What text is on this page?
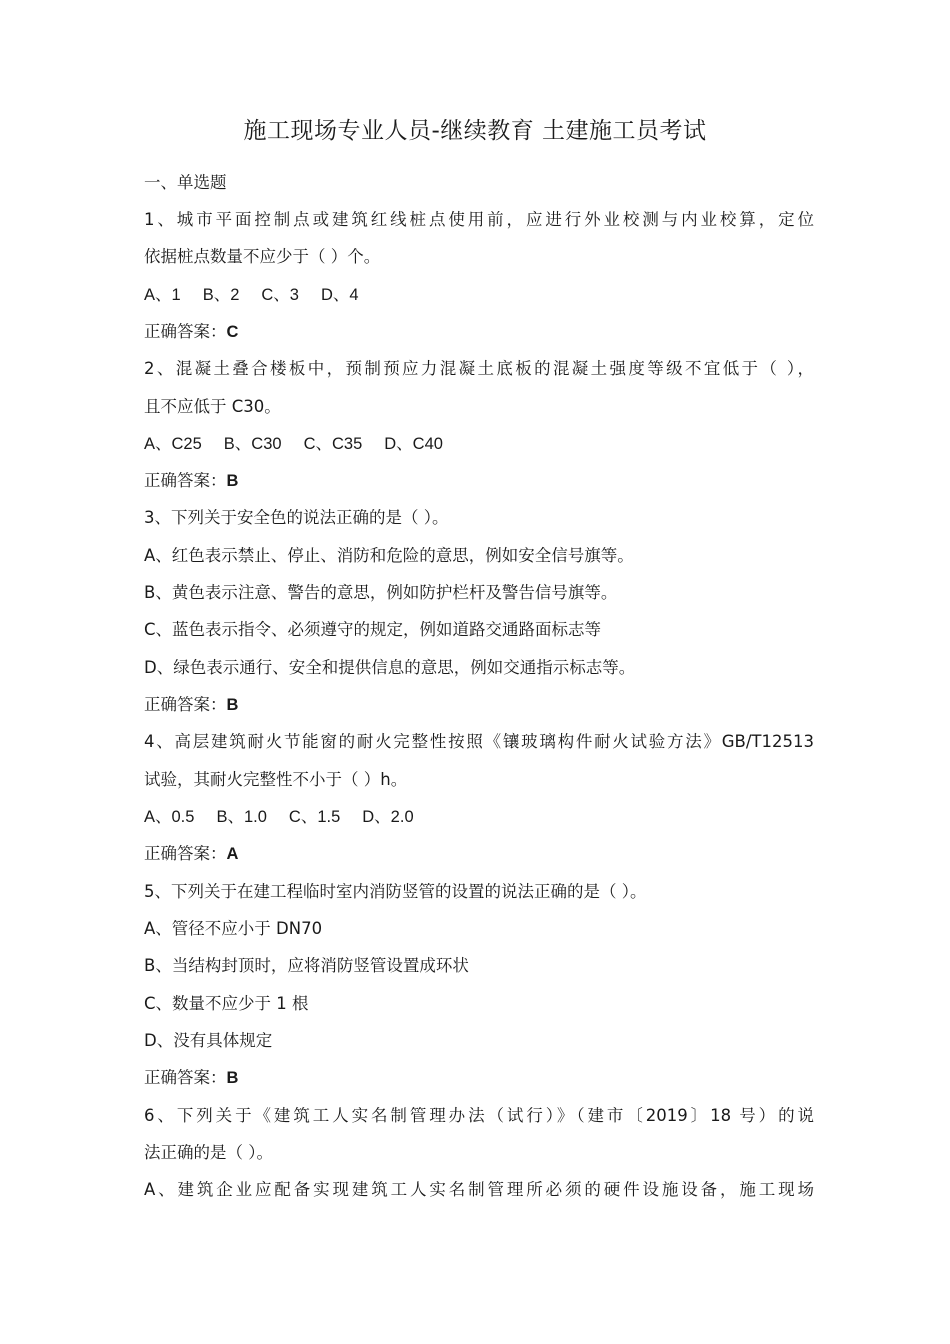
施工现场专业人员-继续教育 土建施工员考试
一、单选题
1、城市平面控制点或建筑红线桩点使用前，应进行外业校测与内业校算，定位
依据桩点数量不应少于（ ）个。
A、1 B、2 C、3 D、4
正确答案：C
2、混凝土叠合楼板中，预制预应力混凝土底板的混凝土强度等级不宜低于（ ），
且不应低于 C30。
A、C25 B、C30 C、C35 D、C40
正确答案：B
3、下列关于安全色的说法正确的是（ ）。
A、红色表示禁止、停止、消防和危险的意思，例如安全信号旗等。
B、黄色表示注意、警告的意思，例如防护栏杆及警告信号旗等。
C、蓝色表示指令、必须遵守的规定，例如道路交通路面标志等
D、绿色表示通行、安全和提供信息的意思，例如交通指示标志等。
正确答案：B
4、高层建筑耐火节能窗的耐火完整性按照《镶玻璃构件耐火试验方法》GB/T12513
试验，其耐火完整性不小于（ ）h。
A、0.5 B、1.0 C、1.5 D、2.0
正确答案：A
5、下列关于在建工程临时室内消防竖管的设置的说法正确的是（ ）。
A、管径不应小于 DN70
B、当结构封顶时，应将消防竖管设置成环状
C、数量不应少于 1 根
D、没有具体规定
正确答案：B
6、下列关于《建筑工人实名制管理办法（试行）》（建市〔2019〕18 号）的说
法正确的是（ ）。
A、建筑企业应配备实现建筑工人实名制管理所必须的硬件设施设备，施工现场
